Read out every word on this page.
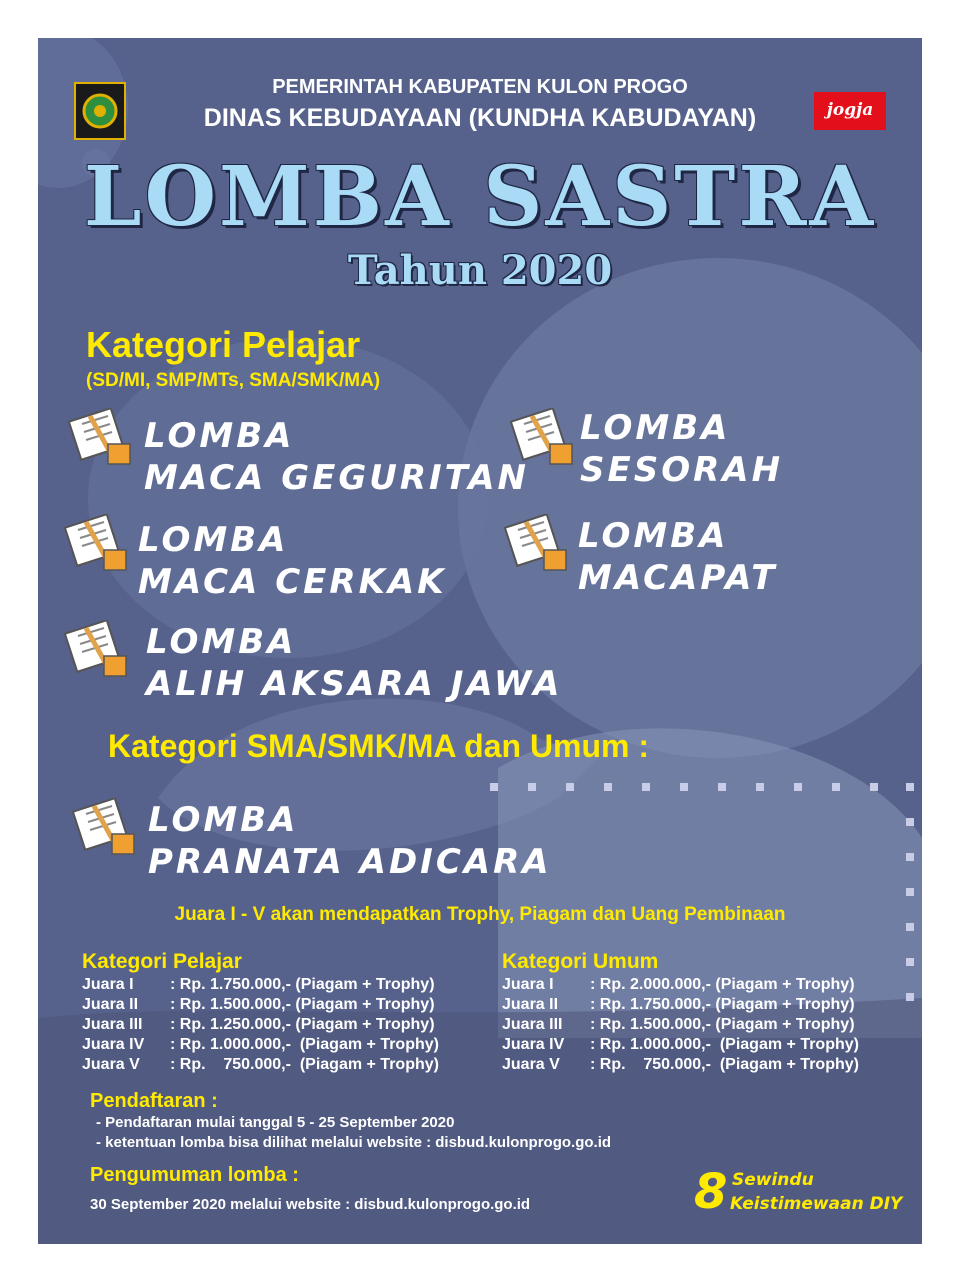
PEMERINTAH KABUPATEN KULON PROGO
DINAS KEBUDAYAAN (KUNDHA KABUDAYAN)	jogja
LOMBA SASTRA
Tahun 2020
Kategori Pelajar
(SD/MI, SMP/MTs, SMA/SMK/MA)
LOMBA
MACA GEGURITAN
LOMBA
SESORAH
LOMBA
MACA CERKAK
LOMBA
MACAPAT
LOMBA
ALIH AKSARA JAWA
Kategori SMA/SMK/MA dan Umum :
LOMBA
PRANATA ADICARA
Juara I - V akan mendapatkan Trophy, Piagam dan Uang Pembinaan
Kategori Pelajar
Juara I	: Rp. 1.750.000,- (Piagam + Trophy)
Juara II	: Rp. 1.500.000,- (Piagam + Trophy)
Juara III	: Rp. 1.250.000,- (Piagam + Trophy)
Juara IV	: Rp. 1.000.000,-  (Piagam + Trophy)
Juara V	: Rp.    750.000,-  (Piagam + Trophy)
Kategori Umum
Juara I	: Rp. 2.000.000,- (Piagam + Trophy)
Juara II	: Rp. 1.750.000,- (Piagam + Trophy)
Juara III	: Rp. 1.500.000,- (Piagam + Trophy)
Juara IV	: Rp. 1.000.000,-  (Piagam + Trophy)
Juara V	: Rp.    750.000,-  (Piagam + Trophy)
Pendaftaran :
- Pendaftaran mulai tanggal 5 - 25 September 2020
- ketentuan lomba bisa dilihat melalui website : disbud.kulonprogo.go.id
Pengumuman lomba :
30 September 2020 melalui website : disbud.kulonprogo.go.id	8 Sewindu
Keistimewaan DIY
